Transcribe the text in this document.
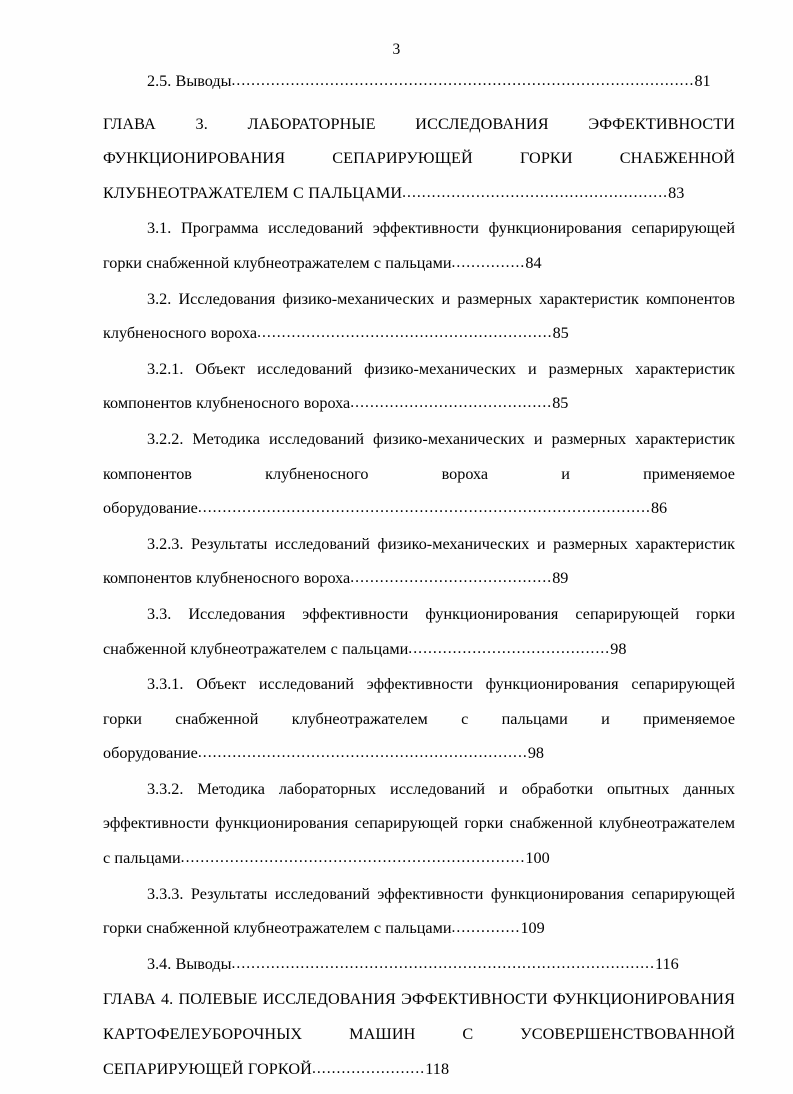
3

2.5. Выводы..............................................................................................81

ГЛАВА 3. ЛАБОРАТОРНЫЕ ИССЛЕДОВАНИЯ ЭФФЕКТИВНОСТИ ФУНКЦИОНИРОВАНИЯ СЕПАРИРУЮЩЕЙ ГОРКИ СНАБЖЕННОЙ КЛУБНЕОТРАЖАТЕЛЕМ С ПАЛЬЦАМИ......................................................83

3.1. Программа исследований эффективности функционирования сепарирующей горки снабженной клубнеотражателем с пальцами...............84

3.2. Исследования физико-механических и размерных характеристик компонентов клубненосного вороха............................................................85

3.2.1. Объект исследований физико-механических и размерных характеристик компонентов клубненосного вороха.........................................85

3.2.2. Методика исследований физико-механических и размерных характеристик компонентов клубненосного вороха и применяемое оборудование............................................................................................86

3.2.3. Результаты исследований физико-механических и размерных характеристик компонентов клубненосного вороха.........................................89

3.3. Исследования эффективности функционирования сепарирующей горки снабженной клубнеотражателем с пальцами.........................................98

3.3.1. Объект исследований эффективности функционирования сепарирующей горки снабженной клубнеотражателем с пальцами и применяемое оборудование...................................................................98

3.3.2. Методика лабораторных исследований и обработки опытных данных эффективности функционирования сепарирующей горки снабженной клубнеотражателем с пальцами......................................................................100

3.3.3. Результаты исследований эффективности функционирования сепарирующей горки снабженной клубнеотражателем с пальцами..............109

3.4. Выводы......................................................................................116

ГЛАВА 4. ПОЛЕВЫЕ ИССЛЕДОВАНИЯ ЭФФЕКТИВНОСТИ ФУНКЦИОНИРОВАНИЯ КАРТОФЕЛЕУБОРОЧНЫХ МАШИН С УСОВЕРШЕНСТВОВАННОЙ СЕПАРИРУЮЩЕЙ ГОРКОЙ.......................118
